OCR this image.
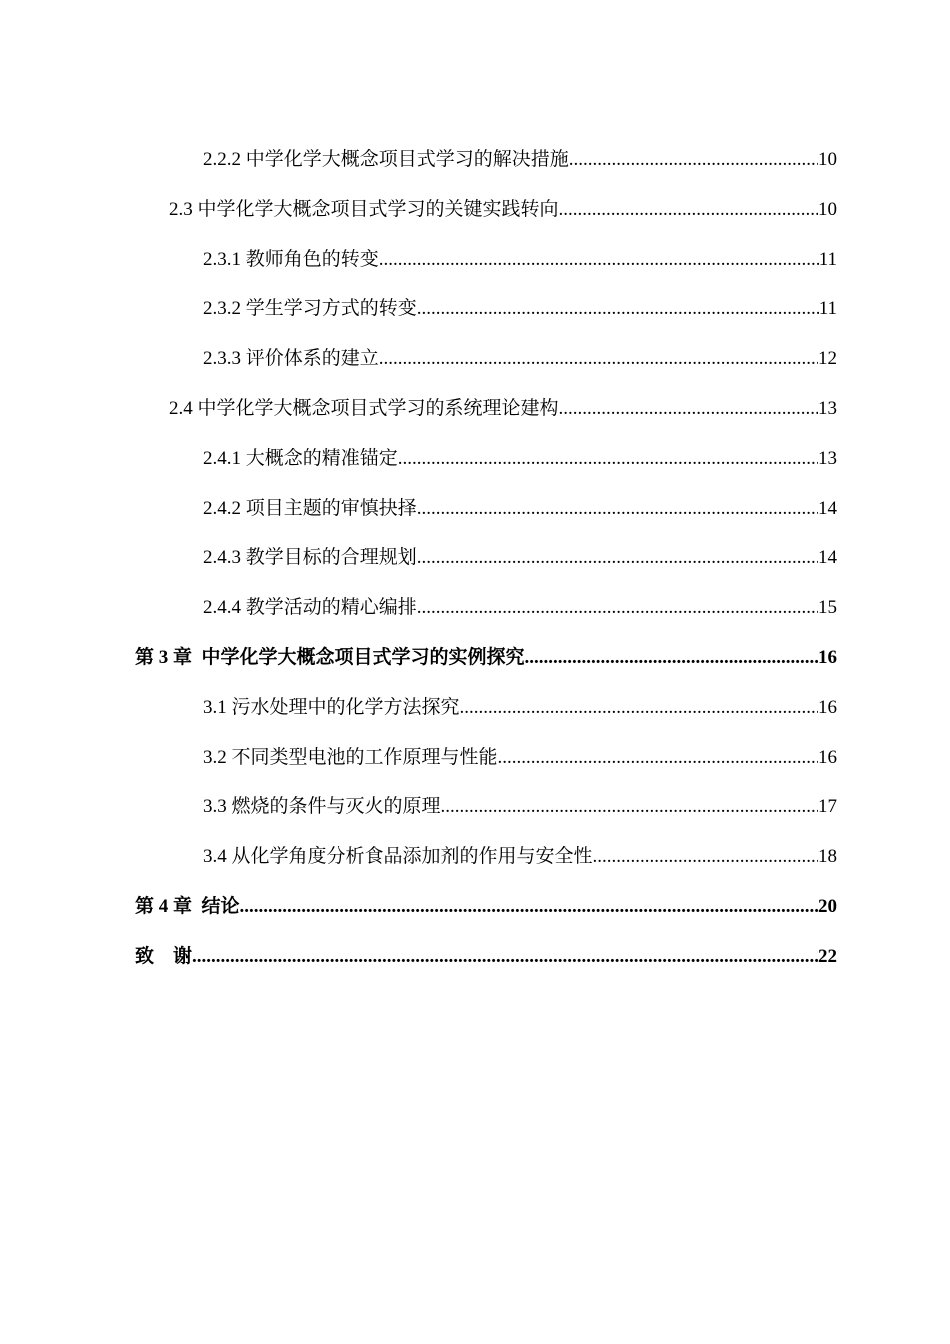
2.2.2 中学化学大概念项目式学习的解决措施 .....	10
2.3 中学化学大概念项目式学习的关键实践转向 .....	10
2.3.1 教师角色的转变 .....	11
2.3.2 学生学习方式的转变 .....	11
2.3.3 评价体系的建立 .....	12
2.4 中学化学大概念项目式学习的系统理论建构 .....	13
2.4.1 大概念的精准锚定 .....	13
2.4.2 项目主题的审慎抉择 .....	14
2.4.3 教学目标的合理规划 .....	14
2.4.4 教学活动的精心编排 .....	15
第 3 章  中学化学大概念项目式学习的实例探究 .....	16
3.1 污水处理中的化学方法探究 .....	16
3.2 不同类型电池的工作原理与性能 .....	16
3.3 燃烧的条件与灭火的原理 .....	17
3.4 从化学角度分析食品添加剂的作用与安全性 .....	18
第 4 章  结论 .....	20
致    谢 .....	22
